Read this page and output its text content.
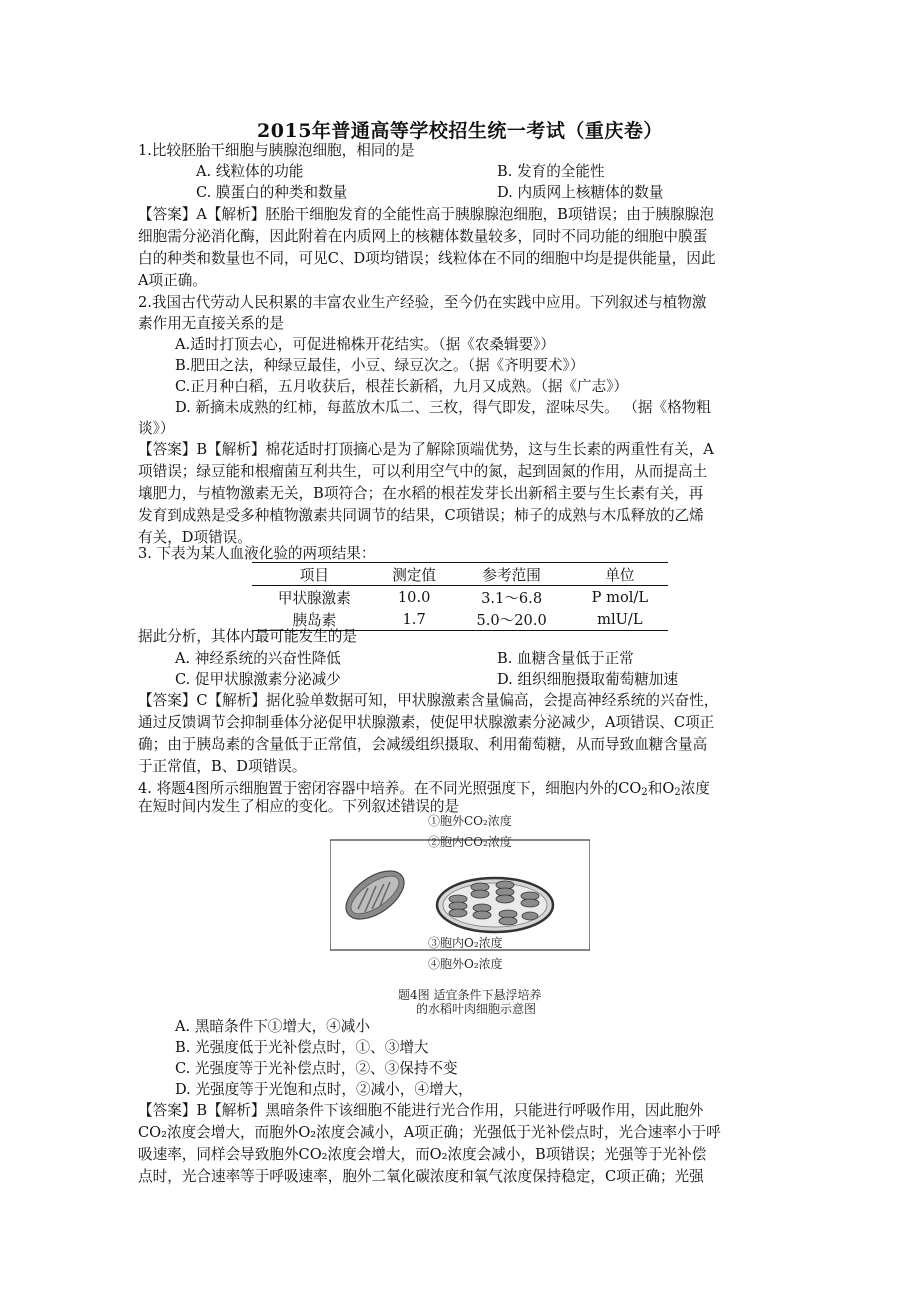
2015年普通高等学校招生统一考试（重庆卷）
1.比较胚胎干细胞与胰腺泡细胞，相同的是
A. 线粒体的功能	B. 发育的全能性
C. 膜蛋白的种类和数量	D. 内质网上核糖体的数量
【答案】A【解析】胚胎干细胞发育的全能性高于胰腺腺泡细胞，B项错误；由于胰腺腺泡
细胞需分泌消化酶，因此附着在内质网上的核糖体数量较多，同时不同功能的细胞中膜蛋
白的种类和数量也不同，可见C、D项均错误；线粒体在不同的细胞中均是提供能量，因此
A项正确。
2.我国古代劳动人民积累的丰富农业生产经验，至今仍在实践中应用。下列叙述与植物激
素作用无直接关系的是
A.适时打顶去心，可促进棉株开花结实。（据《农桑辑要》）
B.肥田之法，种绿豆最佳，小豆、绿豆次之。（据《齐明要术》）
C.正月种白稻，五月收获后，根茬长新稻，九月又成熟。（据《广志》）
D. 新摘未成熟的红柿，每蓝放木瓜二、三枚，得气即发，涩味尽失。 （据《格物粗
谈》）
【答案】B【解析】棉花适时打顶摘心是为了解除顶端优势，这与生长素的两重性有关，A
项错误；绿豆能和根瘤菌互利共生，可以利用空气中的氮，起到固氮的作用，从而提高土
壤肥力，与植物激素无关，B项符合；在水稻的根茬发芽长出新稻主要与生长素有关，再
发育到成熟是受多种植物激素共同调节的结果，C项错误；柿子的成熟与木瓜释放的乙烯
有关，D项错误。
3. 下表为某人血液化验的两项结果：
项目	测定值	参考范围	单位
甲状腺激素	10.0	3.1～6.8	P mol/L
胰岛素	1.7	5.0～20.0	mlU/L
据此分析，其体内最可能发生的是
A. 神经系统的兴奋性降低	B. 血糖含量低于正常
C. 促甲状腺激素分泌减少	D. 组织细胞摄取葡萄糖加速
【答案】C【解析】据化验单数据可知，甲状腺激素含量偏高，会提高神经系统的兴奋性，
通过反馈调节会抑制垂体分泌促甲状腺激素，使促甲状腺激素分泌减少，A项错误、C项正
确；由于胰岛素的含量低于正常值，会减缓组织摄取、利用葡萄糖，从而导致血糖含量高
于正常值，B、D项错误。
4. 将题4图所示细胞置于密闭容器中培养。在不同光照强度下，细胞内外的$CO_2$和$O_2$浓度
在短时间内发生了相应的变化。下列叙述错误的是
①胞外CO₂浓度
②胞内CO₂浓度
③胞内O₂浓度
④胞外O₂浓度
题4图 适宜条件下悬浮培养
的水稻叶肉细胞示意图
A. 黑暗条件下①增大，④减小
B. 光强度低于光补偿点时，①、③增大
C. 光强度等于光补偿点时，②、③保持不变
D. 光强度等于光饱和点时，②减小，④增大，
【答案】B【解析】黑暗条件下该细胞不能进行光合作用，只能进行呼吸作用，因此胞外
CO₂浓度会增大，而胞外O₂浓度会减小，A项正确；光强低于光补偿点时，光合速率小于呼
吸速率，同样会导致胞外CO₂浓度会增大，而O₂浓度会减小，B项错误；光强等于光补偿
点时，光合速率等于呼吸速率，胞外二氧化碳浓度和氧气浓度保持稳定，C项正确；光强
